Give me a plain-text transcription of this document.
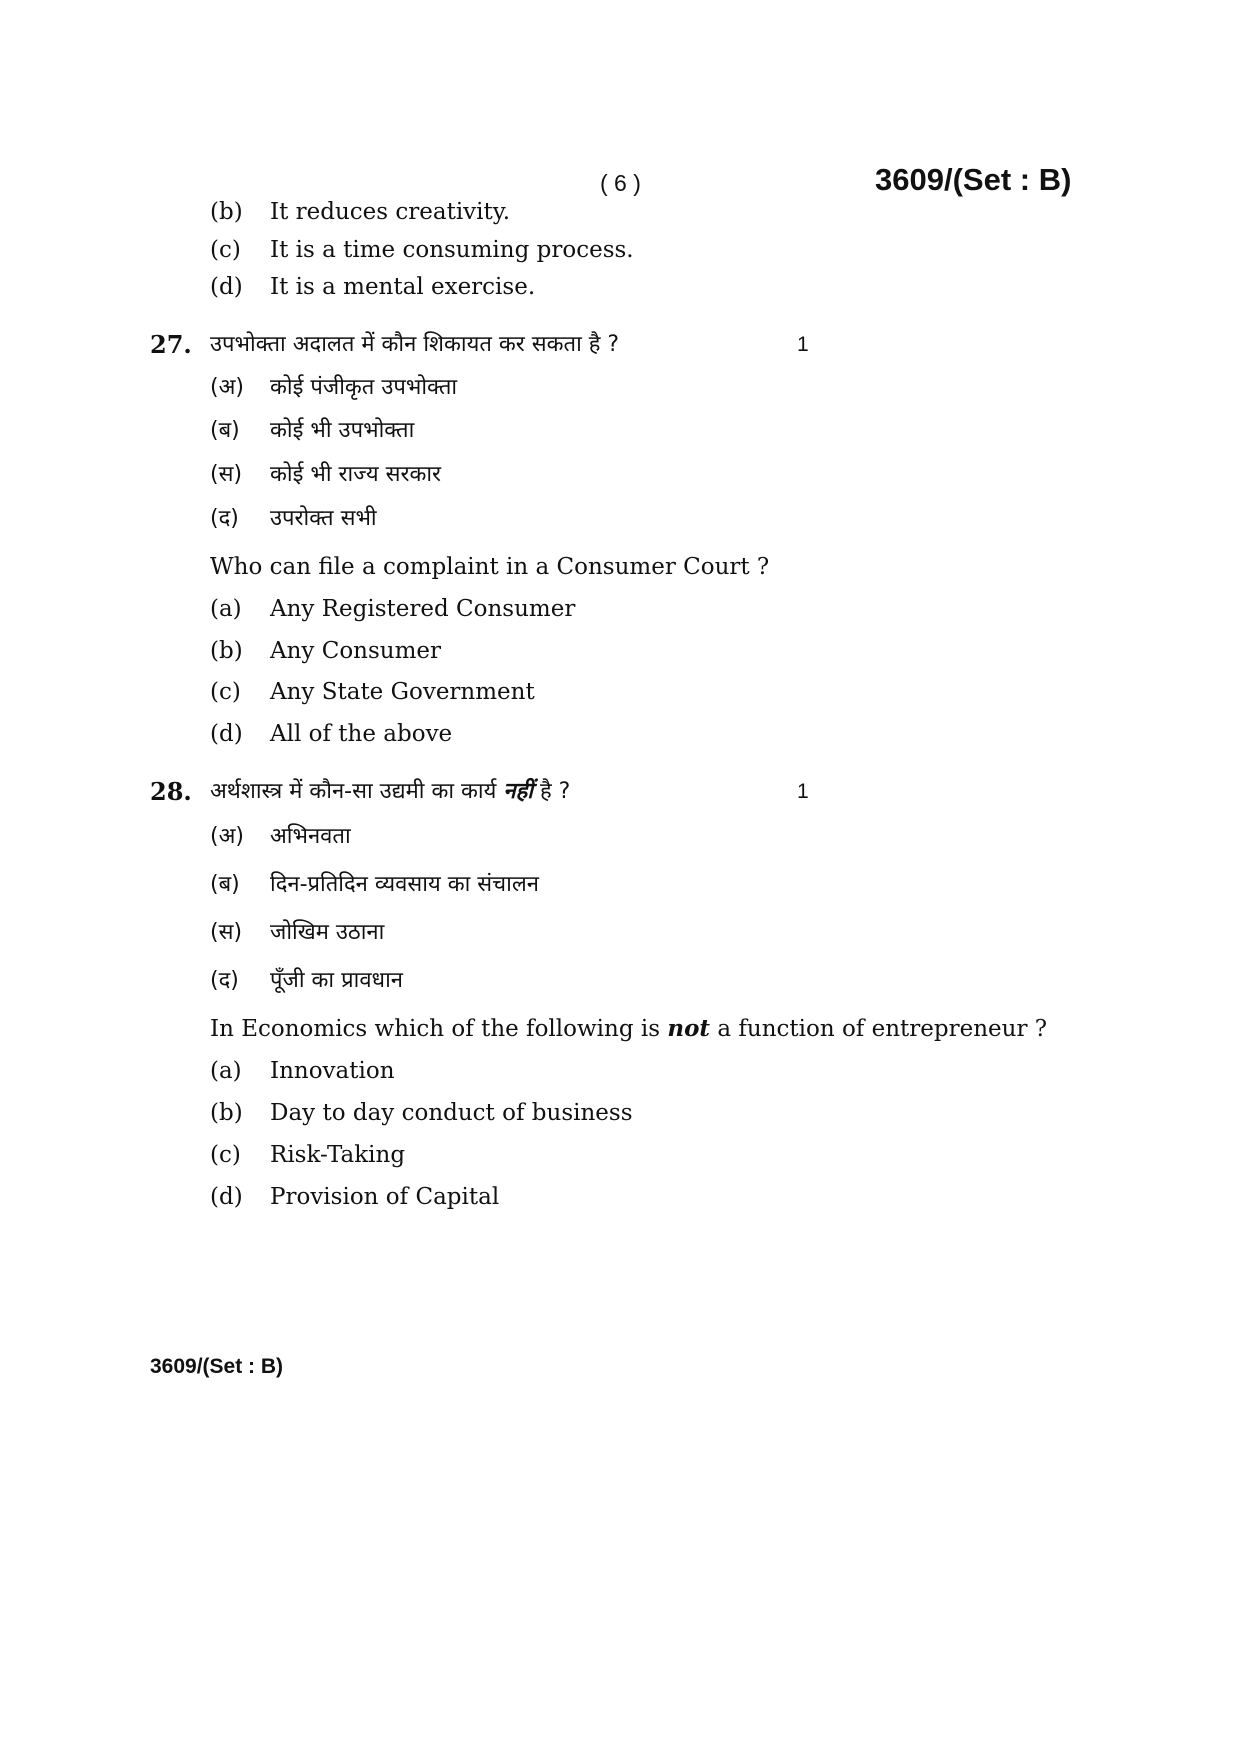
( 6 )	3609/(Set : B)
(b) It reduces creativity.
(c) It is a time consuming process.
(d) It is a mental exercise.
27. उपभोक्ता अदालत में कौन शिकायत कर सकता है ?	1
(अ) कोई पंजीकृत उपभोक्ता
(ब) कोई भी उपभोक्ता
(स) कोई भी राज्य सरकार
(द) उपरोक्त सभी
Who can file a complaint in a Consumer Court ?
(a) Any Registered Consumer
(b) Any Consumer
(c) Any State Government
(d) All of the above
28. अर्थशास्त्र में कौन-सा उद्यमी का कार्य नहीं है ?	1
(अ) अभिनवता
(ब) दिन-प्रतिदिन व्यवसाय का संचालन
(स) जोखिम उठाना
(द) पूँजी का प्रावधान
In Economics which of the following is not a function of entrepreneur ?
(a) Innovation
(b) Day to day conduct of business
(c) Risk-Taking
(d) Provision of Capital
3609/(Set : B)
